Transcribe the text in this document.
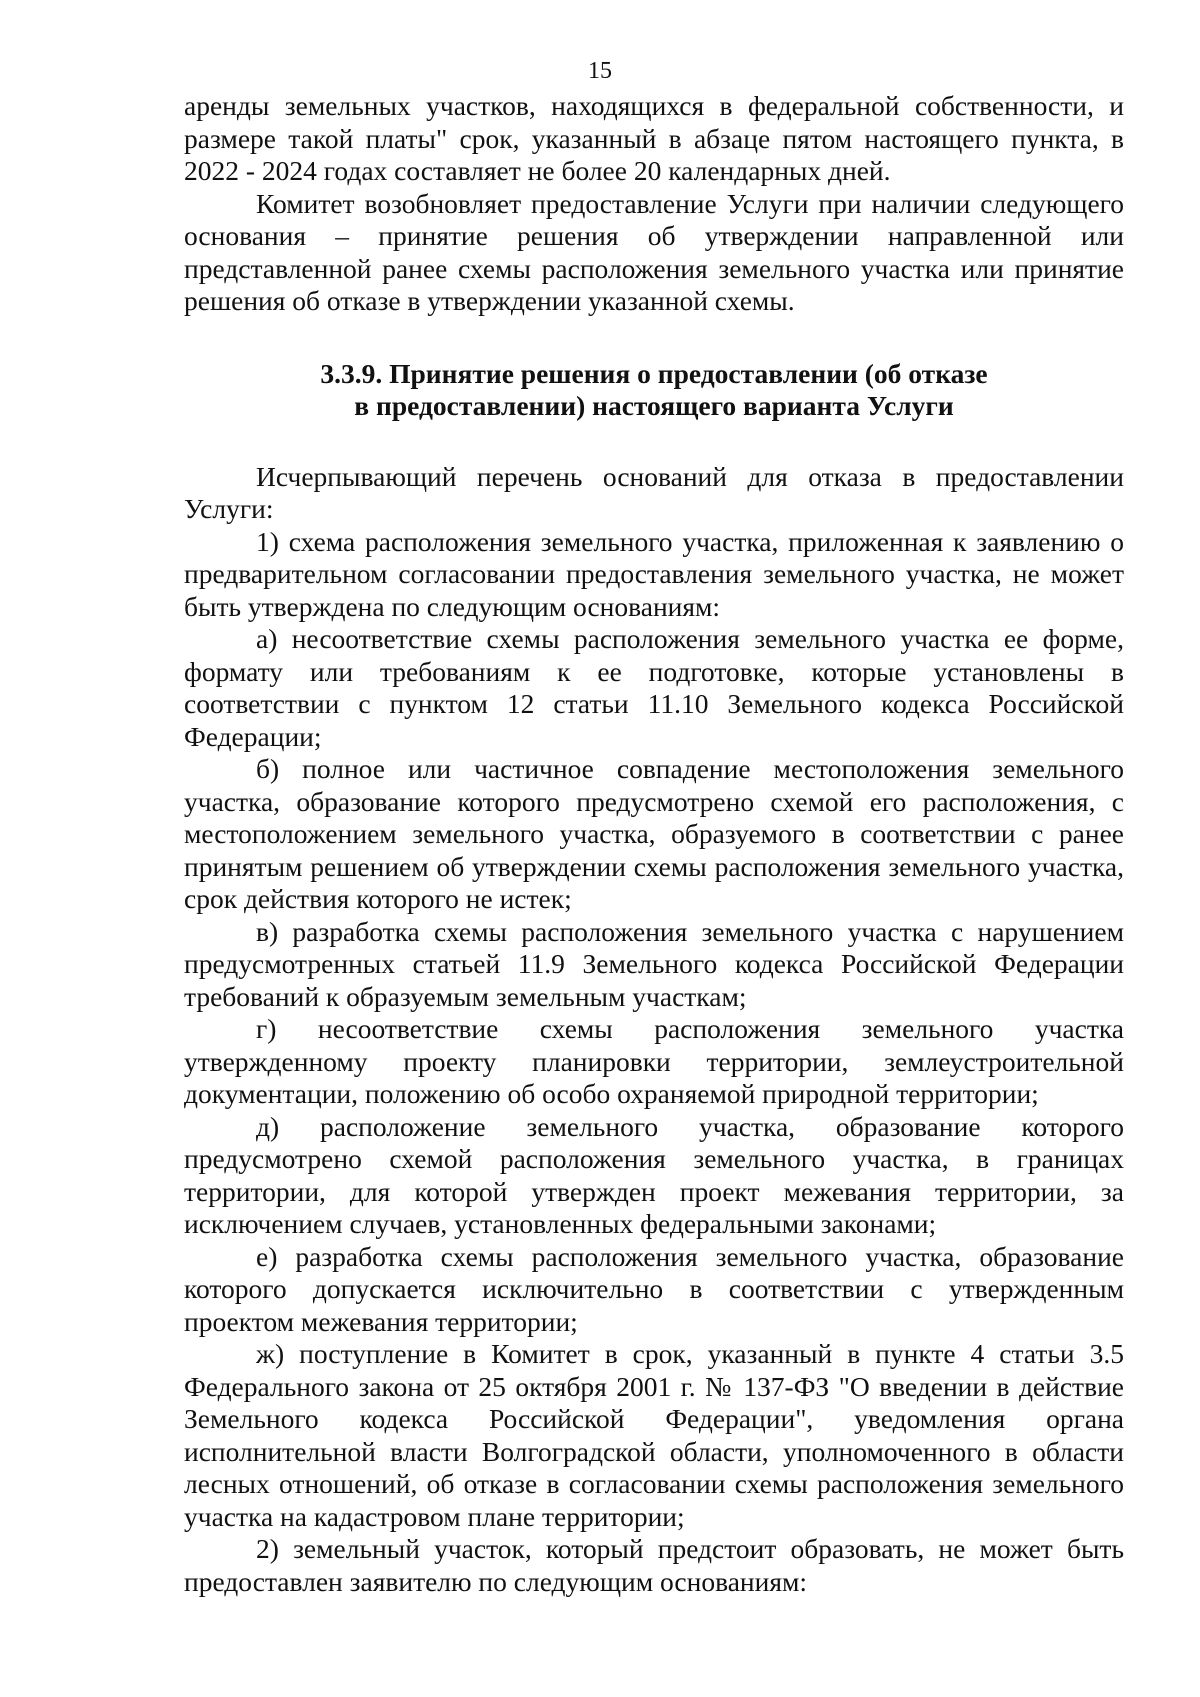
15

аренды земельных участков, находящихся в федеральной собственности, и размере такой платы" срок, указанный в абзаце пятом настоящего пункта, в 2022 - 2024 годах составляет не более 20 календарных дней.

Комитет возобновляет предоставление Услуги при наличии следующего основания – принятие решения об утверждении направленной или представленной ранее схемы расположения земельного участка или принятие решения об отказе в утверждении указанной схемы.

3.3.9. Принятие решения о предоставлении (об отказе
в предоставлении) настоящего варианта Услуги

Исчерпывающий перечень оснований для отказа в предоставлении Услуги:

1) схема расположения земельного участка, приложенная к заявлению о предварительном согласовании предоставления земельного участка, не может быть утверждена по следующим основаниям:

а) несоответствие схемы расположения земельного участка ее форме, формату или требованиям к ее подготовке, которые установлены в соответствии с пунктом 12 статьи 11.10 Земельного кодекса Российской Федерации;

б) полное или частичное совпадение местоположения земельного участка, образование которого предусмотрено схемой его расположения, с местоположением земельного участка, образуемого в соответствии с ранее принятым решением об утверждении схемы расположения земельного участка, срок действия которого не истек;

в) разработка схемы расположения земельного участка с нарушением предусмотренных статьей 11.9 Земельного кодекса Российской Федерации требований к образуемым земельным участкам;

г) несоответствие схемы расположения земельного участка утвержденному проекту планировки территории, землеустроительной документации, положению об особо охраняемой природной территории;

д) расположение земельного участка, образование которого предусмотрено схемой расположения земельного участка, в границах территории, для которой утвержден проект межевания территории, за исключением случаев, установленных федеральными законами;

е) разработка схемы расположения земельного участка, образование которого допускается исключительно в соответствии с утвержденным проектом межевания территории;

ж) поступление в Комитет в срок, указанный в пункте 4 статьи 3.5 Федерального закона от 25 октября 2001 г. № 137-ФЗ "О введении в действие Земельного кодекса Российской Федерации", уведомления органа исполнительной власти Волгоградской области, уполномоченного в области лесных отношений, об отказе в согласовании схемы расположения земельного участка на кадастровом плане территории;

2) земельный участок, который предстоит образовать, не может быть предоставлен заявителю по следующим основаниям:
